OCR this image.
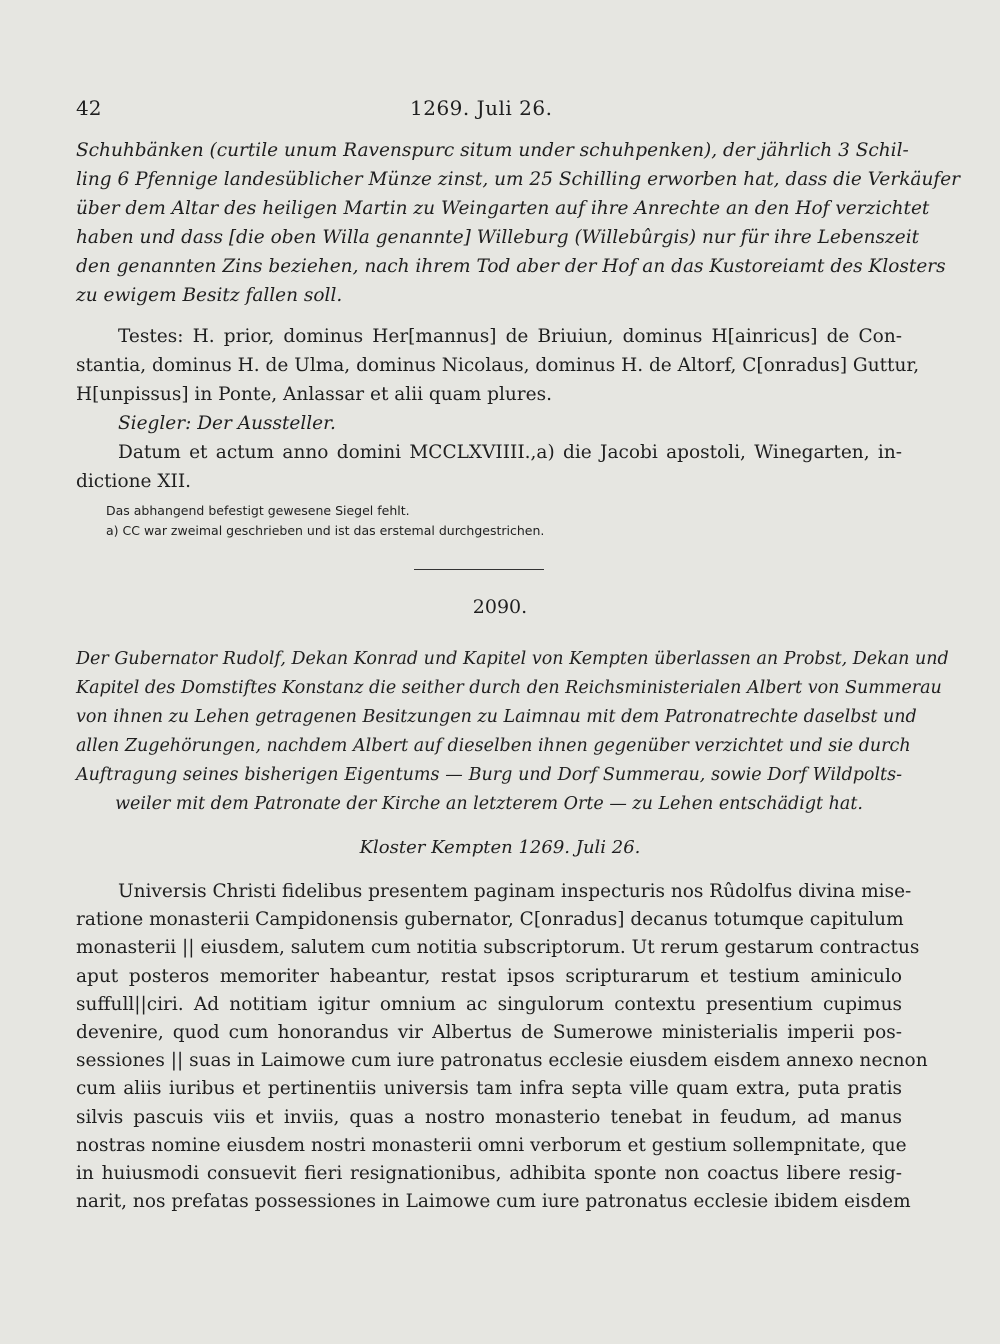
42	1269. Juli 26.
Schuhbänken (curtile unum Ravenspurc situm under schuhpenken), der jährlich 3 Schil-
ling 6 Pfennige landesüblicher Münze zinst, um 25 Schilling erworben hat, dass die Verkäufer
über dem Altar des heiligen Martin zu Weingarten auf ihre Anrechte an den Hof verzichtet
haben und dass [die oben Willa genannte] Willeburg (Willebûrgis) nur für ihre Lebenszeit
den genannten Zins beziehen, nach ihrem Tod aber der Hof an das Kustoreiamt des Klosters
zu ewigem Besitz fallen soll.
Testes: H. prior, dominus Her[mannus] de Briuiun, dominus H[ainricus] de Con-
stantia, dominus H. de Ulma, dominus Nicolaus, dominus H. de Altorf, C[onradus] Guttur,
H[unpissus] in Ponte, Anlassar et alii quam plures.
Siegler: Der Aussteller.
Datum et actum anno domini MCCLXVIIII.,a) die Jacobi apostoli, Winegarten, in-
dictione XII.
Das abhangend befestigt gewesene Siegel fehlt.
a) CC war zweimal geschrieben und ist das erstemal durchgestrichen.
2090.
Der Gubernator Rudolf, Dekan Konrad und Kapitel von Kempten überlassen an Probst, Dekan und
Kapitel des Domstiftes Konstanz die seither durch den Reichsministerialen Albert von Summerau
von ihnen zu Lehen getragenen Besitzungen zu Laimnau mit dem Patronatrechte daselbst und
allen Zugehörungen, nachdem Albert auf dieselben ihnen gegenüber verzichtet und sie durch
Auftragung seines bisherigen Eigentums — Burg und Dorf Summerau, sowie Dorf Wildpolts-
weiler mit dem Patronate der Kirche an letzterem Orte — zu Lehen entschädigt hat.
Kloster Kempten 1269. Juli 26.
Universis Christi fidelibus presentem paginam inspecturis nos Rûdolfus divina mise-
ratione monasterii Campidonensis gubernator, C[onradus] decanus totumque capitulum
monasterii || eiusdem, salutem cum notitia subscriptorum. Ut rerum gestarum contractus
aput posteros memoriter habeantur, restat ipsos scripturarum et testium aminiculo
suffull||ciri. Ad notitiam igitur omnium ac singulorum contextu presentium cupimus
devenire, quod cum honorandus vir Albertus de Sumerowe ministerialis imperii pos-
sessiones || suas in Laimowe cum iure patronatus ecclesie eiusdem eisdem annexo necnon
cum aliis iuribus et pertinentiis universis tam infra septa ville quam extra, puta pratis
silvis pascuis viis et inviis, quas a nostro monasterio tenebat in feudum, ad manus
nostras nomine eiusdem nostri monasterii omni verborum et gestium sollempnitate, que
in huiusmodi consuevit fieri resignationibus, adhibita sponte non coactus libere resig-
narit, nos prefatas possessiones in Laimowe cum iure patronatus ecclesie ibidem eisdem
